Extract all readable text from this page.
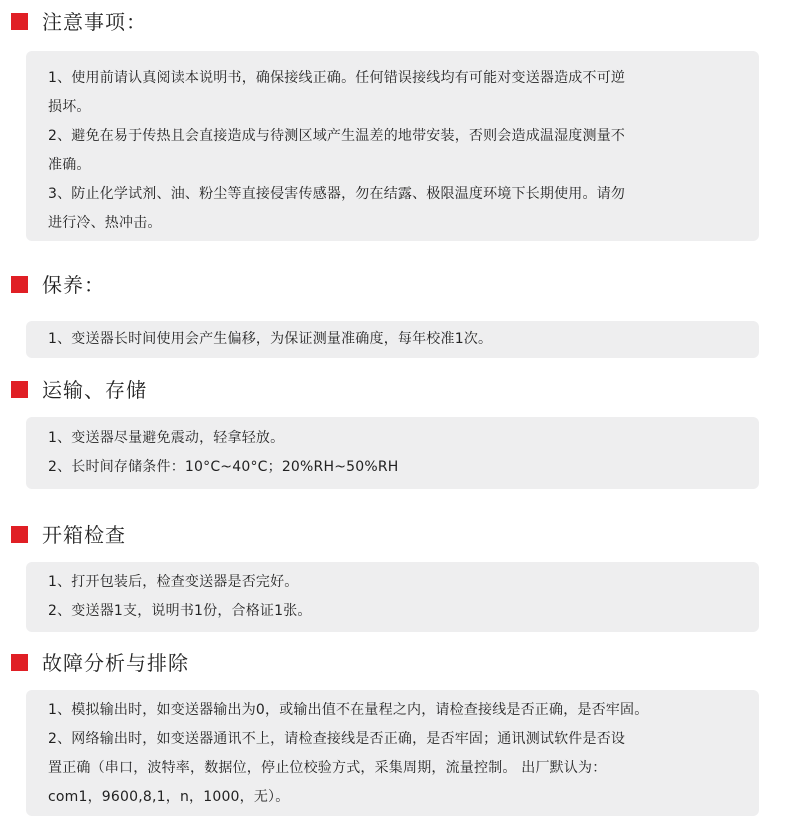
注意事项：
1、使用前请认真阅读本说明书，确保接线正确。任何错误接线均有可能对变送器造成不可逆
损坏。
2、避免在易于传热且会直接造成与待测区域产生温差的地带安装，否则会造成温湿度测量不
准确。
3、防止化学试剂、油、粉尘等直接侵害传感器，勿在结露、极限温度环境下长期使用。请勿
进行冷、热冲击。
保养：
1、变送器长时间使用会产生偏移，为保证测量准确度，每年校准1次。
运输、存储
1、变送器尽量避免震动，轻拿轻放。
2、长时间存储条件：10°C~40°C；20%RH~50%RH
开箱检查
1、打开包装后，检查变送器是否完好。
2、变送器1支，说明书1份，合格证1张。
故障分析与排除
1、模拟输出时，如变送器输出为0，或输出值不在量程之内，请检查接线是否正确，是否牢固。
2、网络输出时，如变送器通讯不上，请检查接线是否正确，是否牢固；通讯测试软件是否设
置正确（串口，波特率，数据位，停止位校验方式，采集周期，流量控制。 出厂默认为：
com1，9600,8,1，n，1000，无）。
